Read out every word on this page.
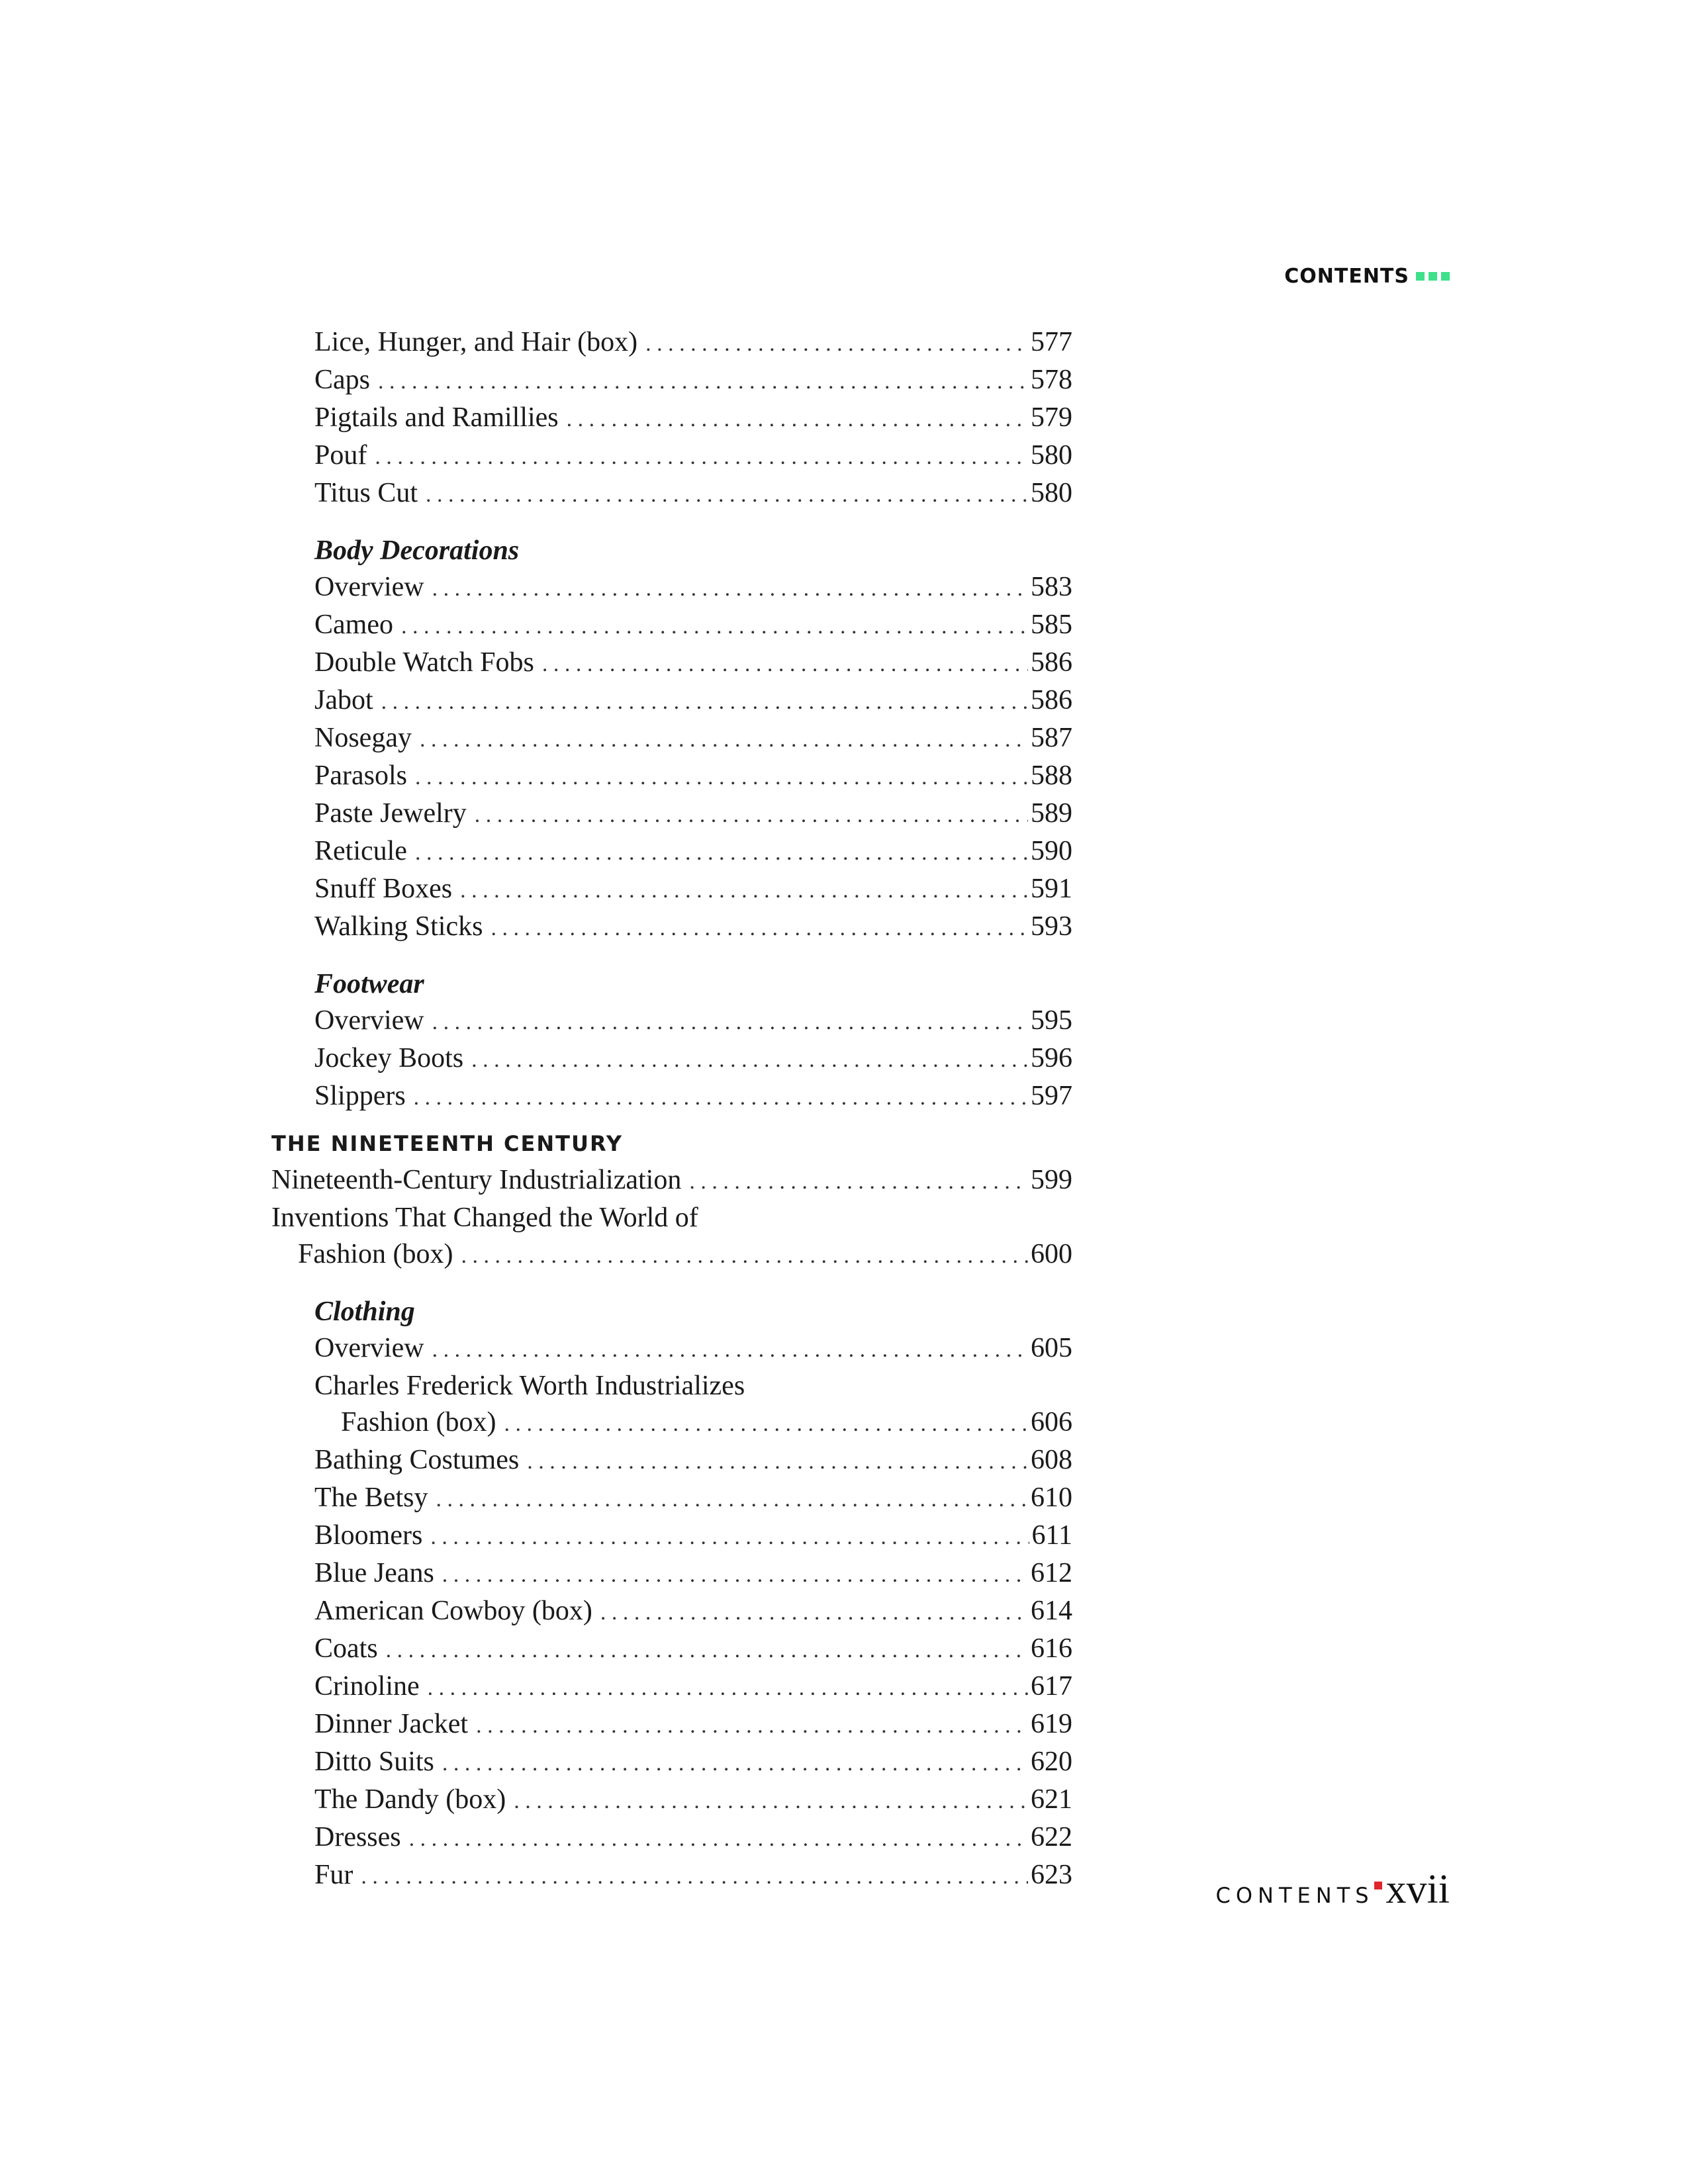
CONTENTS
Lice, Hunger, and Hair (box) . . .	577
Caps . . .	578
Pigtails and Ramillies . . .	579
Pouf . . .	580
Titus Cut . . .	580
Body Decorations
Overview . . .	583
Cameo . . .	585
Double Watch Fobs . . .	586
Jabot . . .	586
Nosegay . . .	587
Parasols . . .	588
Paste Jewelry . . .	589
Reticule . . .	590
Snuff Boxes . . .	591
Walking Sticks . . .	593
Footwear
Overview . . .	595
Jockey Boots . . .	596
Slippers . . .	597
THE NINETEENTH CENTURY
Nineteenth-Century Industrialization . . .	599
Inventions That Changed the World of
Fashion (box) . . .	600
Clothing
Overview . . .	605
Charles Frederick Worth Industrializes
Fashion (box) . . .	606
Bathing Costumes . . .	608
The Betsy . . .	610
Bloomers . . .	611
Blue Jeans . . .	612
American Cowboy (box) . . .	614
Coats . . .	616
Crinoline . . .	617
Dinner Jacket . . .	619
Ditto Suits . . .	620
The Dandy (box) . . .	621
Dresses . . .	622
Fur . . .	623
CONTENTS xvii
